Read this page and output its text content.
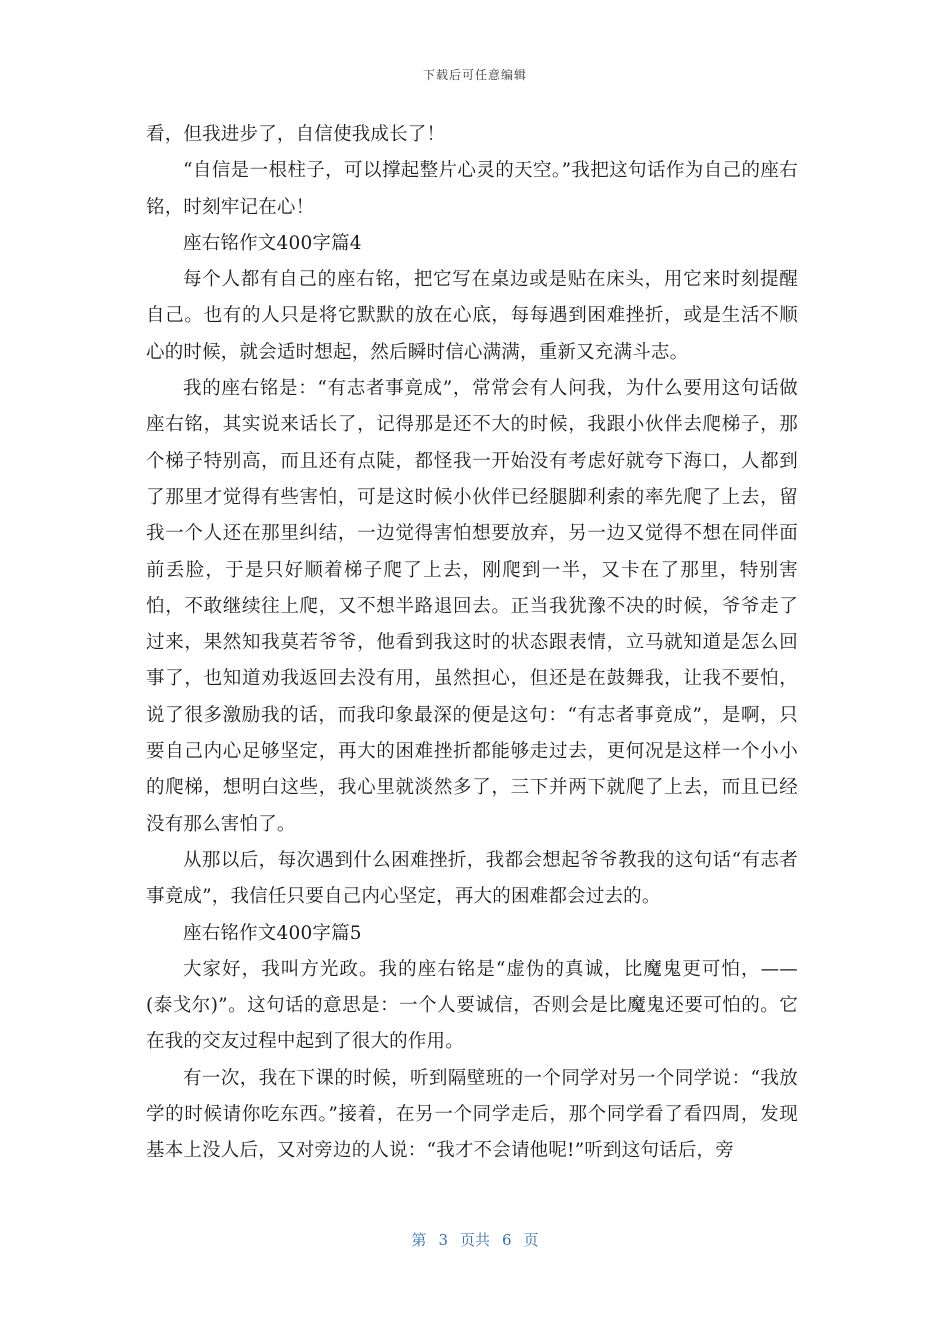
下载后可任意编辑

看，但我进步了，自信使我成长了！

“自信是一根柱子，可以撑起整片心灵的天空。”我把这句话作为自己的座右铭，时刻牢记在心！

座右铭作文400字篇4

每个人都有自己的座右铭，把它写在桌边或是贴在床头，用它来时刻提醒自己。也有的人只是将它默默的放在心底，每每遇到困难挫折，或是生活不顺心的时候，就会适时想起，然后瞬时信心满满，重新又充满斗志。

我的座右铭是：“有志者事竟成”，常常会有人问我，为什么要用这句话做座右铭，其实说来话长了，记得那是还不大的时候，我跟小伙伴去爬梯子，那个梯子特别高，而且还有点陡，都怪我一开始没有考虑好就夸下海口，人都到了那里才觉得有些害怕，可是这时候小伙伴已经腿脚利索的率先爬了上去，留我一个人还在那里纠结，一边觉得害怕想要放弃，另一边又觉得不想在同伴面前丢脸，于是只好顺着梯子爬了上去，刚爬到一半，又卡在了那里，特别害怕，不敢继续往上爬，又不想半路退回去。正当我犹豫不决的时候，爷爷走了过来，果然知我莫若爷爷，他看到我这时的状态跟表情，立马就知道是怎么回事了，也知道劝我返回去没有用，虽然担心，但还是在鼓舞我，让我不要怕，说了很多激励我的话，而我印象最深的便是这句：“有志者事竟成”，是啊，只要自己内心足够坚定，再大的困难挫折都能够走过去，更何况是这样一个小小的爬梯，想明白这些，我心里就淡然多了，三下并两下就爬了上去，而且已经没有那么害怕了。

从那以后，每次遇到什么困难挫折，我都会想起爷爷教我的这句话“有志者事竟成”，我信任只要自己内心坚定，再大的困难都会过去的。

座右铭作文400字篇5

大家好，我叫方光政。我的座右铭是“虚伪的真诚，比魔鬼更可怕，——(泰戈尔)”。这句话的意思是：一个人要诚信，否则会是比魔鬼还要可怕的。它在我的交友过程中起到了很大的作用。

有一次，我在下课的时候，听到隔壁班的一个同学对另一个同学说：“我放学的时候请你吃东西。”接着，在另一个同学走后，那个同学看了看四周，发现基本上没人后，又对旁边的人说：“我才不会请他呢!”听到这句话后，旁

第 3 页共 6 页
